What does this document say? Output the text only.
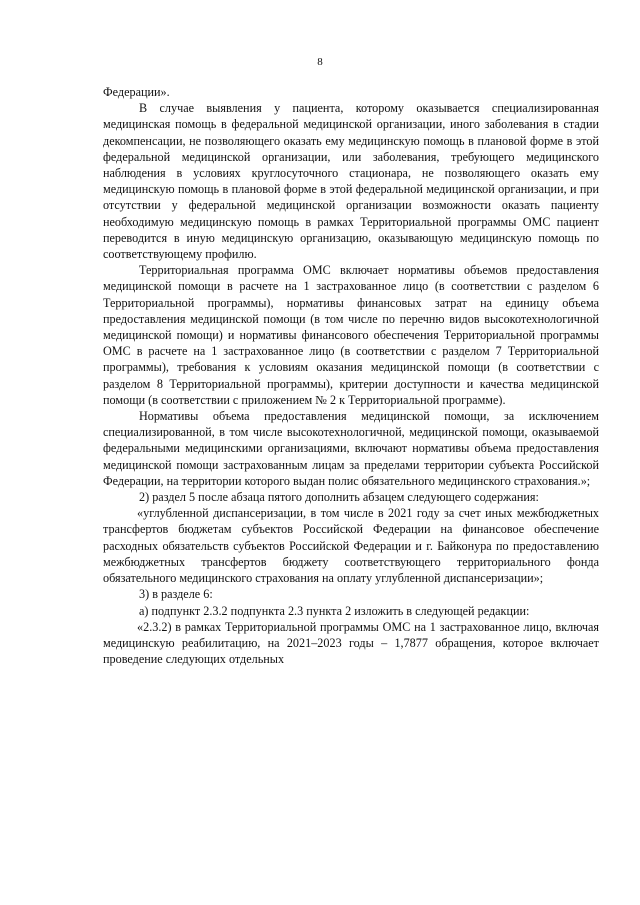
8

Федерации».

В случае выявления у пациента, которому оказывается специализированная медицинская помощь в федеральной медицинской организации, иного заболевания в стадии декомпенсации, не позволяющего оказать ему медицинскую помощь в плановой форме в этой федеральной медицинской организации, или заболевания, требующего медицинского наблюдения в условиях круглосуточного стационара, не позволяющего оказать ему медицинскую помощь в плановой форме в этой федеральной медицинской организации, и при отсутствии у федеральной медицинской организации возможности оказать пациенту необходимую медицинскую помощь в рамках Территориальной программы ОМС пациент переводится в иную медицинскую организацию, оказывающую медицинскую помощь по соответствующему профилю.

Территориальная программа ОМС включает нормативы объемов предоставления медицинской помощи в расчете на 1 застрахованное лицо (в соответствии с разделом 6 Территориальной программы), нормативы финансовых затрат на единицу объема предоставления медицинской помощи (в том числе по перечню видов высокотехнологичной медицинской помощи) и нормативы финансового обеспечения Территориальной программы ОМС в расчете на 1 застрахованное лицо (в соответствии с разделом 7 Территориальной программы), требования к условиям оказания медицинской помощи (в соответствии с разделом 8 Территориальной программы), критерии доступности и качества медицинской помощи (в соответствии с приложением № 2 к Территориальной программе).

Нормативы объема предоставления медицинской помощи, за исключением специализированной, в том числе высокотехнологичной, медицинской помощи, оказываемой федеральными медицинскими организациями, включают нормативы объема предоставления медицинской помощи застрахованным лицам за пределами территории субъекта Российской Федерации, на территории которого выдан полис обязательного медицинского страхования.»;

2) раздел 5 после абзаца пятого дополнить абзацем следующего содержания:

«углубленной диспансеризации, в том числе в 2021 году за счет иных межбюджетных трансфертов бюджетам субъектов Российской Федерации на финансовое обеспечение расходных обязательств субъектов Российской Федерации и г. Байконура по предоставлению межбюджетных трансфертов бюджету соответствующего территориального фонда обязательного медицинского страхования на оплату углубленной диспансеризации»;

3) в разделе 6:

а) подпункт 2.3.2 подпункта 2.3 пункта 2 изложить в следующей редакции:

«2.3.2) в рамках Территориальной программы ОМС на 1 застрахованное лицо, включая медицинскую реабилитацию, на 2021–2023 годы – 1,7877 обращения, которое включает проведение следующих отдельных
